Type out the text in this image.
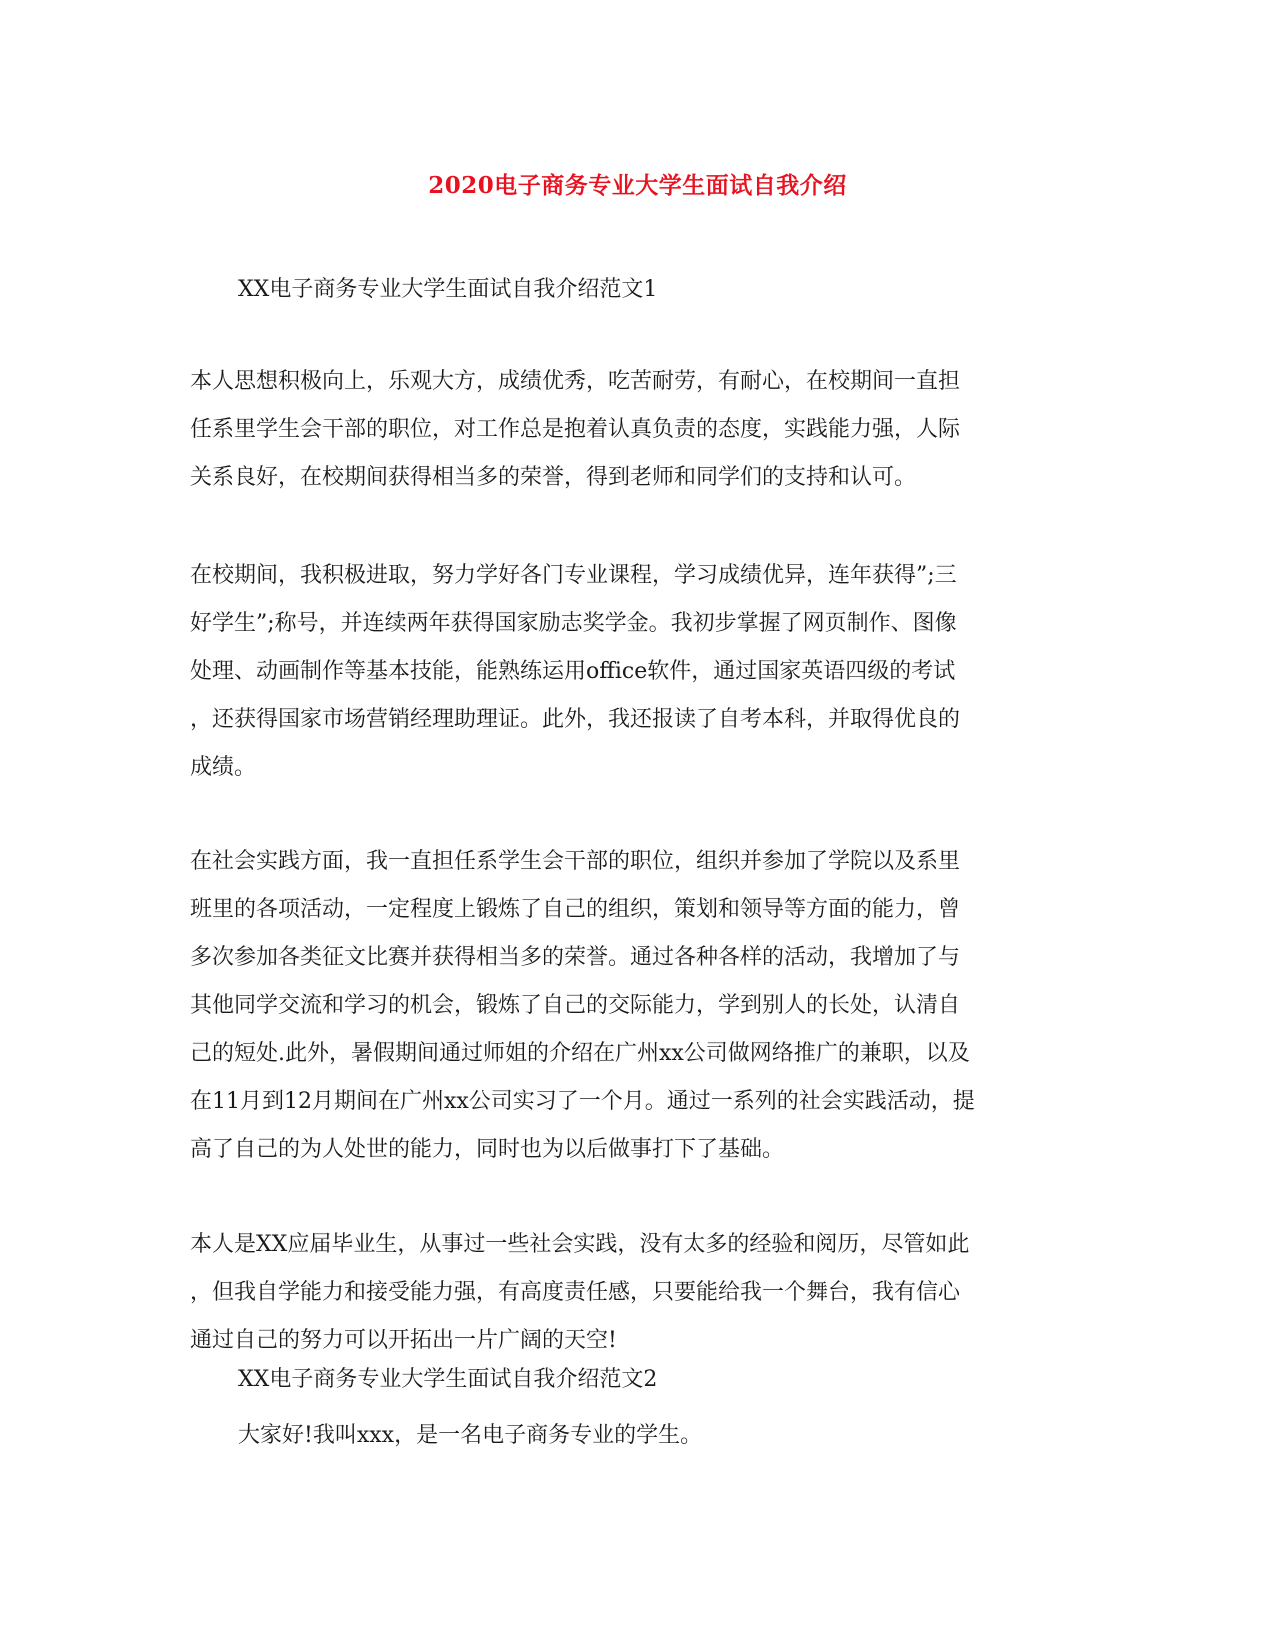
2020电子商务专业大学生面试自我介绍
XX电子商务专业大学生面试自我介绍范文1
本人思想积极向上，乐观大方，成绩优秀，吃苦耐劳，有耐心，在校期间一直担
任系里学生会干部的职位，对工作总是抱着认真负责的态度，实践能力强，人际
关系良好，在校期间获得相当多的荣誉，得到老师和同学们的支持和认可。
在校期间，我积极进取，努力学好各门专业课程，学习成绩优异，连年获得”;三
好学生”;称号，并连续两年获得国家励志奖学金。我初步掌握了网页制作、图像
处理、动画制作等基本技能，能熟练运用office软件，通过国家英语四级的考试
，还获得国家市场营销经理助理证。此外，我还报读了自考本科，并取得优良的
成绩。
在社会实践方面，我一直担任系学生会干部的职位，组织并参加了学院以及系里
班里的各项活动，一定程度上锻炼了自己的组织，策划和领导等方面的能力，曾
多次参加各类征文比赛并获得相当多的荣誉。通过各种各样的活动，我增加了与
其他同学交流和学习的机会，锻炼了自己的交际能力，学到别人的长处，认清自
己的短处.此外，暑假期间通过师姐的介绍在广州xx公司做网络推广的兼职，以及
在11月到12月期间在广州xx公司实习了一个月。通过一系列的社会实践活动，提
高了自己的为人处世的能力，同时也为以后做事打下了基础。
本人是XX应届毕业生，从事过一些社会实践，没有太多的经验和阅历，尽管如此
，但我自学能力和接受能力强，有高度责任感，只要能给我一个舞台，我有信心
通过自己的努力可以开拓出一片广阔的天空!
XX电子商务专业大学生面试自我介绍范文2
大家好!我叫xxx，是一名电子商务专业的学生。
